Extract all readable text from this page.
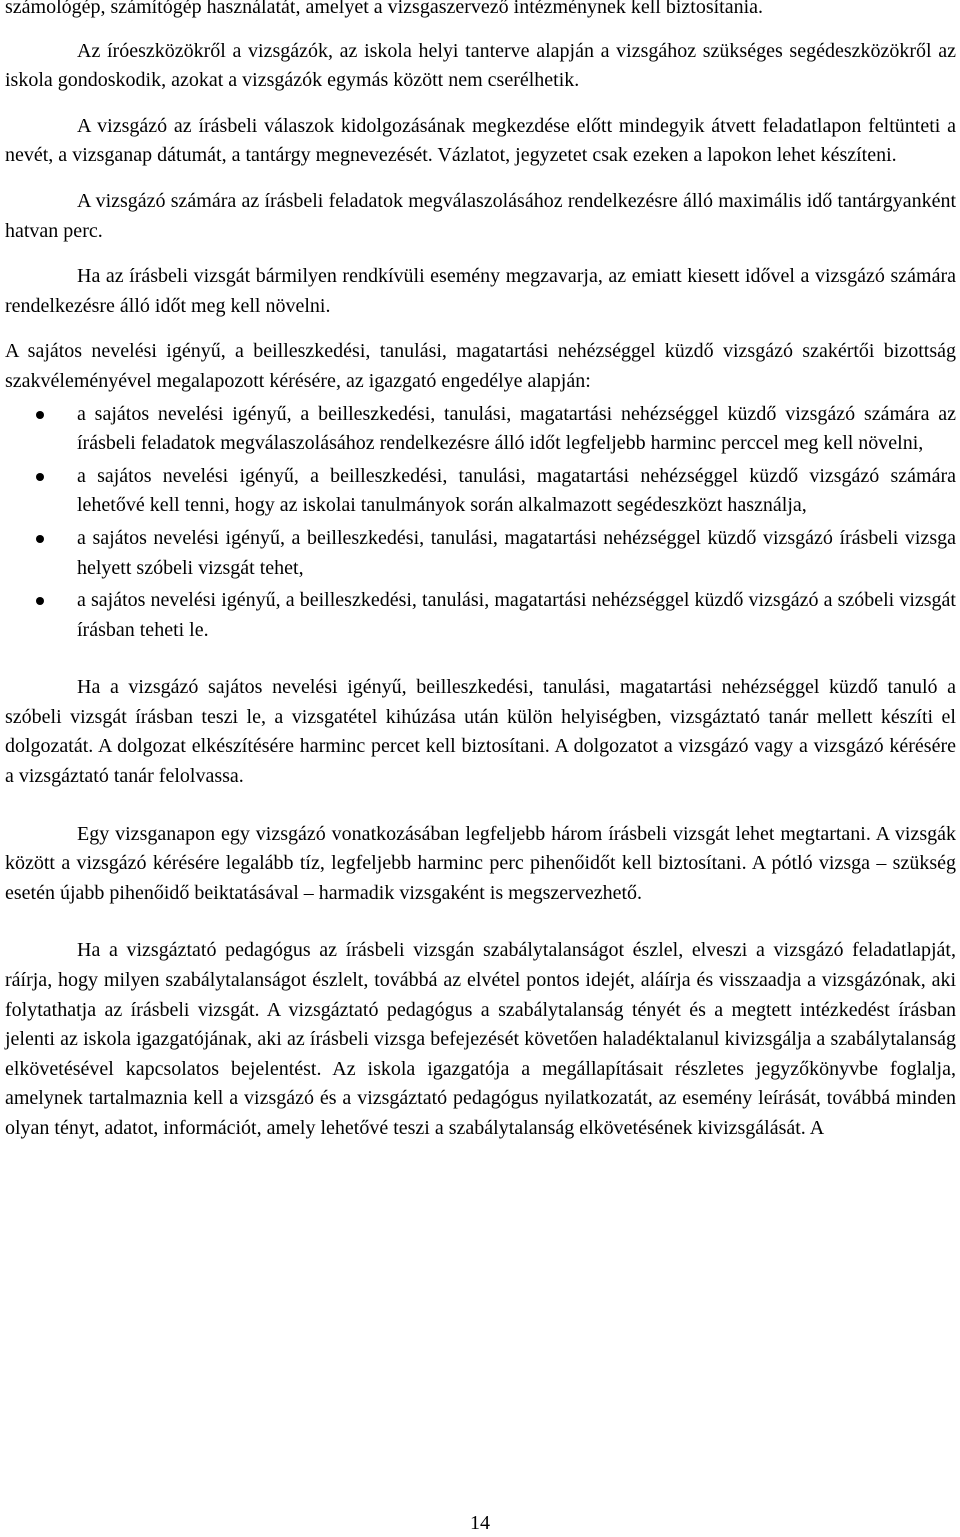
számológép, számítógép használatát, amelyet a vizsgaszervező intézménynek kell biztosítania.

Az íróeszközökről a vizsgázók, az iskola helyi tanterve alapján a vizsgához szükséges segédeszközökről az iskola gondoskodik, azokat a vizsgázók egymás között nem cserélhetik.

A vizsgázó az írásbeli válaszok kidolgozásának megkezdése előtt mindegyik átvett feladatlapon feltünteti a nevét, a vizsganap dátumát, a tantárgy megnevezését. Vázlatot, jegyzetet csak ezeken a lapokon lehet készíteni.

A vizsgázó számára az írásbeli feladatok megválaszolásához rendelkezésre álló maximális idő tantárgyanként hatvan perc.

Ha az írásbeli vizsgát bármilyen rendkívüli esemény megzavarja, az emiatt kiesett idővel a vizsgázó számára rendelkezésre álló időt meg kell növelni.

A sajátos nevelési igényű, a beilleszkedési, tanulási, magatartási nehézséggel küzdő vizsgázó szakértői bizottság szakvéleményével megalapozott kérésére, az igazgató engedélye alapján:

a sajátos nevelési igényű, a beilleszkedési, tanulási, magatartási nehézséggel küzdő vizsgázó számára az írásbeli feladatok megválaszolásához rendelkezésre álló időt legfeljebb harminc perccel meg kell növelni,
a sajátos nevelési igényű, a beilleszkedési, tanulási, magatartási nehézséggel küzdő vizsgázó számára lehetővé kell tenni, hogy az iskolai tanulmányok során alkalmazott segédeszközt használja,
a sajátos nevelési igényű, a beilleszkedési, tanulási, magatartási nehézséggel küzdő vizsgázó írásbeli vizsga helyett szóbeli vizsgát tehet,
a sajátos nevelési igényű, a beilleszkedési, tanulási, magatartási nehézséggel küzdő vizsgázó a szóbeli vizsgát írásban teheti le.

Ha a vizsgázó sajátos nevelési igényű, beilleszkedési, tanulási, magatartási nehézséggel küzdő tanuló a szóbeli vizsgát írásban teszi le, a vizsgatétel kihúzása után külön helyiségben, vizsgáztató tanár mellett készíti el dolgozatát. A dolgozat elkészítésére harminc percet kell biztosítani. A dolgozatot a vizsgázó vagy a vizsgázó kérésére a vizsgáztató tanár felolvassa.

Egy vizsganapon egy vizsgázó vonatkozásában legfeljebb három írásbeli vizsgát lehet megtartani. A vizsgák között a vizsgázó kérésére legalább tíz, legfeljebb harminc perc pihenőidőt kell biztosítani. A pótló vizsga – szükség esetén újabb pihenőidő beiktatásával – harmadik vizsgaként is megszervezhető.

Ha a vizsgáztató pedagógus az írásbeli vizsgán szabálytalanságot észlel, elveszi a vizsgázó feladatlapját, ráírja, hogy milyen szabálytalanságot észlelt, továbbá az elvétel pontos idejét, aláírja és visszaadja a vizsgázónak, aki folytathatja az írásbeli vizsgát. A vizsgáztató pedagógus a szabálytalanság tényét és a megtett intézkedést írásban jelenti az iskola igazgatójának, aki az írásbeli vizsga befejezését követően haladéktalanul kivizsgálja a szabálytalanság elkövetésével kapcsolatos bejelentést. Az iskola igazgatója a megállapításait részletes jegyzőkönyvbe foglalja, amelynek tartalmaznia kell a vizsgázó és a vizsgáztató pedagógus nyilatkozatát, az esemény leírását, továbbá minden olyan tényt, adatot, információt, amely lehetővé teszi a szabálytalanság elkövetésének kivizsgálását. A

14
